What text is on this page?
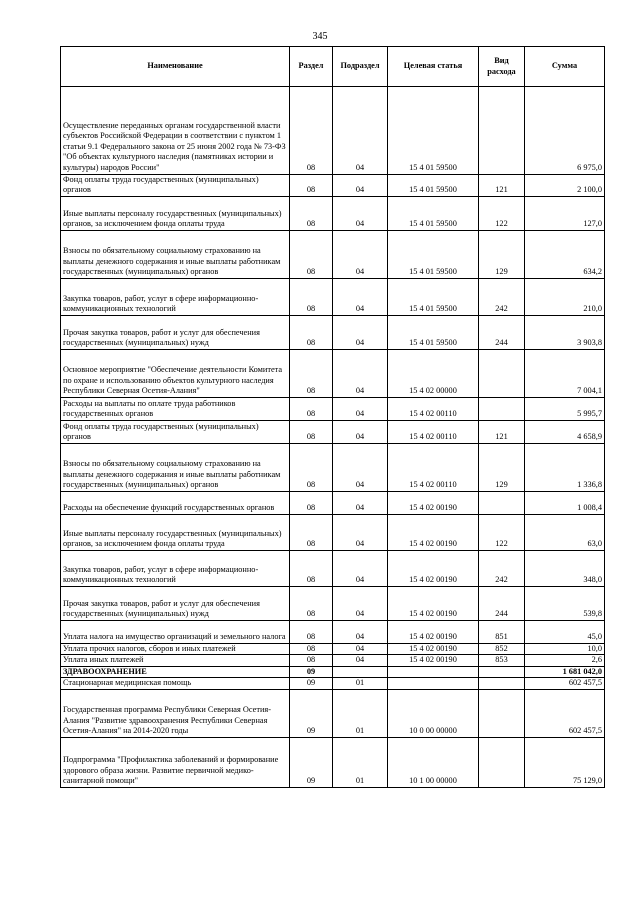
345
Наименование	Раздел	Подраздел	Целевая статья	Вид расхода	Сумма

Осуществление переданных органам государственной власти субъектов Российской Федерации в соответствии с пунктом 1 статьи 9.1 Федерального закона от 25 июня 2002 года № 73-ФЗ "Об объектах культурного наследия (памятниках истории и культуры) народов России"	08	04	15 4 01 59500		6 975,0
Фонд оплаты труда государственных (муниципальных) органов	08	04	15 4 01 59500	121	2 100,0
Иные выплаты персоналу государственных (муниципальных) органов, за исключением фонда оплаты труда	08	04	15 4 01 59500	122	127,0
Взносы по обязательному социальному страхованию на выплаты денежного содержания и иные выплаты работникам государственных (муниципальных) органов	08	04	15 4 01 59500	129	634,2
Закупка товаров, работ, услуг в сфере информационно-коммуникационных технологий	08	04	15 4 01 59500	242	210,0
Прочая закупка товаров, работ и услуг для обеспечения государственных (муниципальных) нужд	08	04	15 4 01 59500	244	3 903,8
Основное мероприятие "Обеспечение деятельности Комитета по охране и использованию объектов культурного наследия Республики Северная Осетия-Алания"	08	04	15 4 02 00000		7 004,1
Расходы на выплаты по оплате труда работников государственных органов	08	04	15 4 02 00110		5 995,7
Фонд оплаты труда государственных (муниципальных) органов	08	04	15 4 02 00110	121	4 658,9
Взносы по обязательному социальному страхованию на выплаты денежного содержания и иные выплаты работникам государственных (муниципальных) органов	08	04	15 4 02 00110	129	1 336,8
Расходы на обеспечение функций государственных органов	08	04	15 4 02 00190		1 008,4
Иные выплаты персоналу государственных (муниципальных) органов, за исключением фонда оплаты труда	08	04	15 4 02 00190	122	63,0
Закупка товаров, работ, услуг в сфере информационно-коммуникационных технологий	08	04	15 4 02 00190	242	348,0
Прочая закупка товаров, работ и услуг для обеспечения государственных (муниципальных) нужд	08	04	15 4 02 00190	244	539,8
Уплата налога на имущество организаций и земельного налога	08	04	15 4 02 00190	851	45,0
Уплата прочих налогов, сборов и иных платежей	08	04	15 4 02 00190	852	10,0
Уплата иных платежей	08	04	15 4 02 00190	853	2,6
ЗДРАВООХРАНЕНИЕ	09				1 681 042,0
Стационарная медицинская помощь	09	01			602 457,5
Государственная программа Республики Северная Осетия-Алания "Развитие здравоохранения Республики Северная Осетия-Алания" на 2014-2020 годы	09	01	10 0 00 00000		602 457,5
Подпрограмма "Профилактика заболеваний и формирование здорового образа жизни. Развитие первичной медико-санитарной помощи"	09	01	10 1 00 00000		75 129,0
